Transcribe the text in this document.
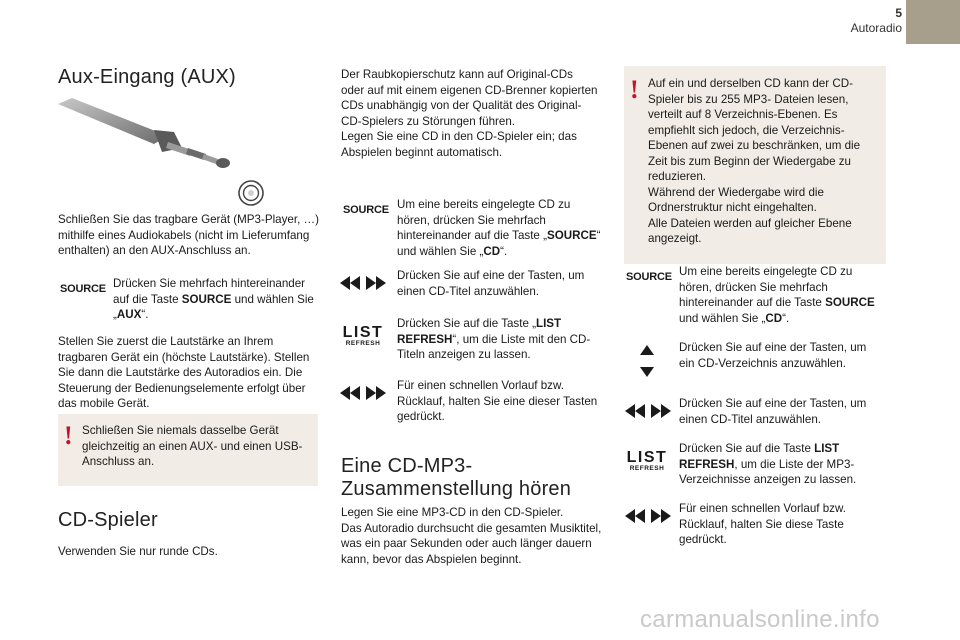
5
Autoradio
Aux-Eingang (AUX)

Schließen Sie das tragbare Gerät (MP3-Player, …) mithilfe eines Audiokabels (nicht im Lieferumfang enthalten) an den AUX-Anschluss an.

SOURCE Drücken Sie mehrfach hintereinander auf die Taste SOURCE und wählen Sie „AUX“.

Stellen Sie zuerst die Lautstärke an Ihrem tragbaren Gerät ein (höchste Lautstärke). Stellen Sie dann die Lautstärke des Autoradios ein. Die Steuerung der Bedienungselemente erfolgt über das mobile Gerät.

! Schließen Sie niemals dasselbe Gerät gleichzeitig an einen AUX- und einen USB-Anschluss an.

CD-Spieler

Verwenden Sie nur runde CDs.

Der Raubkopierschutz kann auf Original-CDs oder auf mit einem eigenen CD-Brenner kopierten CDs unabhängig von der Qualität des Original-CD-Spielers zu Störungen führen.
Legen Sie eine CD in den CD-Spieler ein; das Abspielen beginnt automatisch.

SOURCE Um eine bereits eingelegte CD zu hören, drücken Sie mehrfach hintereinander auf die Taste „SOURCE“ und wählen Sie „CD“.

Drücken Sie auf eine der Tasten, um einen CD-Titel anzuwählen.

LIST
REFRESH

Drücken Sie auf die Taste „LIST REFRESH“, um die Liste mit den CD-Titeln anzeigen zu lassen.

Für einen schnellen Vorlauf bzw. Rücklauf, halten Sie eine dieser Tasten gedrückt.

Eine CD-MP3-
Zusammenstellung hören

Legen Sie eine MP3-CD in den CD-Spieler.
Das Autoradio durchsucht die gesamten Musiktitel, was ein paar Sekunden oder auch länger dauern kann, bevor das Abspielen beginnt.

! Auf ein und derselben CD kann der CD-Spieler bis zu 255 MP3- Dateien lesen, verteilt auf 8 Verzeichnis-Ebenen. Es empfiehlt sich jedoch, die Verzeichnis-Ebenen auf zwei zu beschränken, um die Zeit bis zum Beginn der Wiedergabe zu reduzieren.
Während der Wiedergabe wird die Ordnerstruktur nicht eingehalten.
Alle Dateien werden auf gleicher Ebene angezeigt.

SOURCE Um eine bereits eingelegte CD zu hören, drücken Sie mehrfach hintereinander auf die Taste SOURCE und wählen Sie „CD“.

Drücken Sie auf eine der Tasten, um ein CD-Verzeichnis anzuwählen.

Drücken Sie auf eine der Tasten, um einen CD-Titel anzuwählen.

LIST
REFRESH

Drücken Sie auf die Taste LIST REFRESH, um die Liste der MP3-Verzeichnisse anzeigen zu lassen.

Für einen schnellen Vorlauf bzw. Rücklauf, halten Sie diese Taste gedrückt.

carmanualsonline.info
